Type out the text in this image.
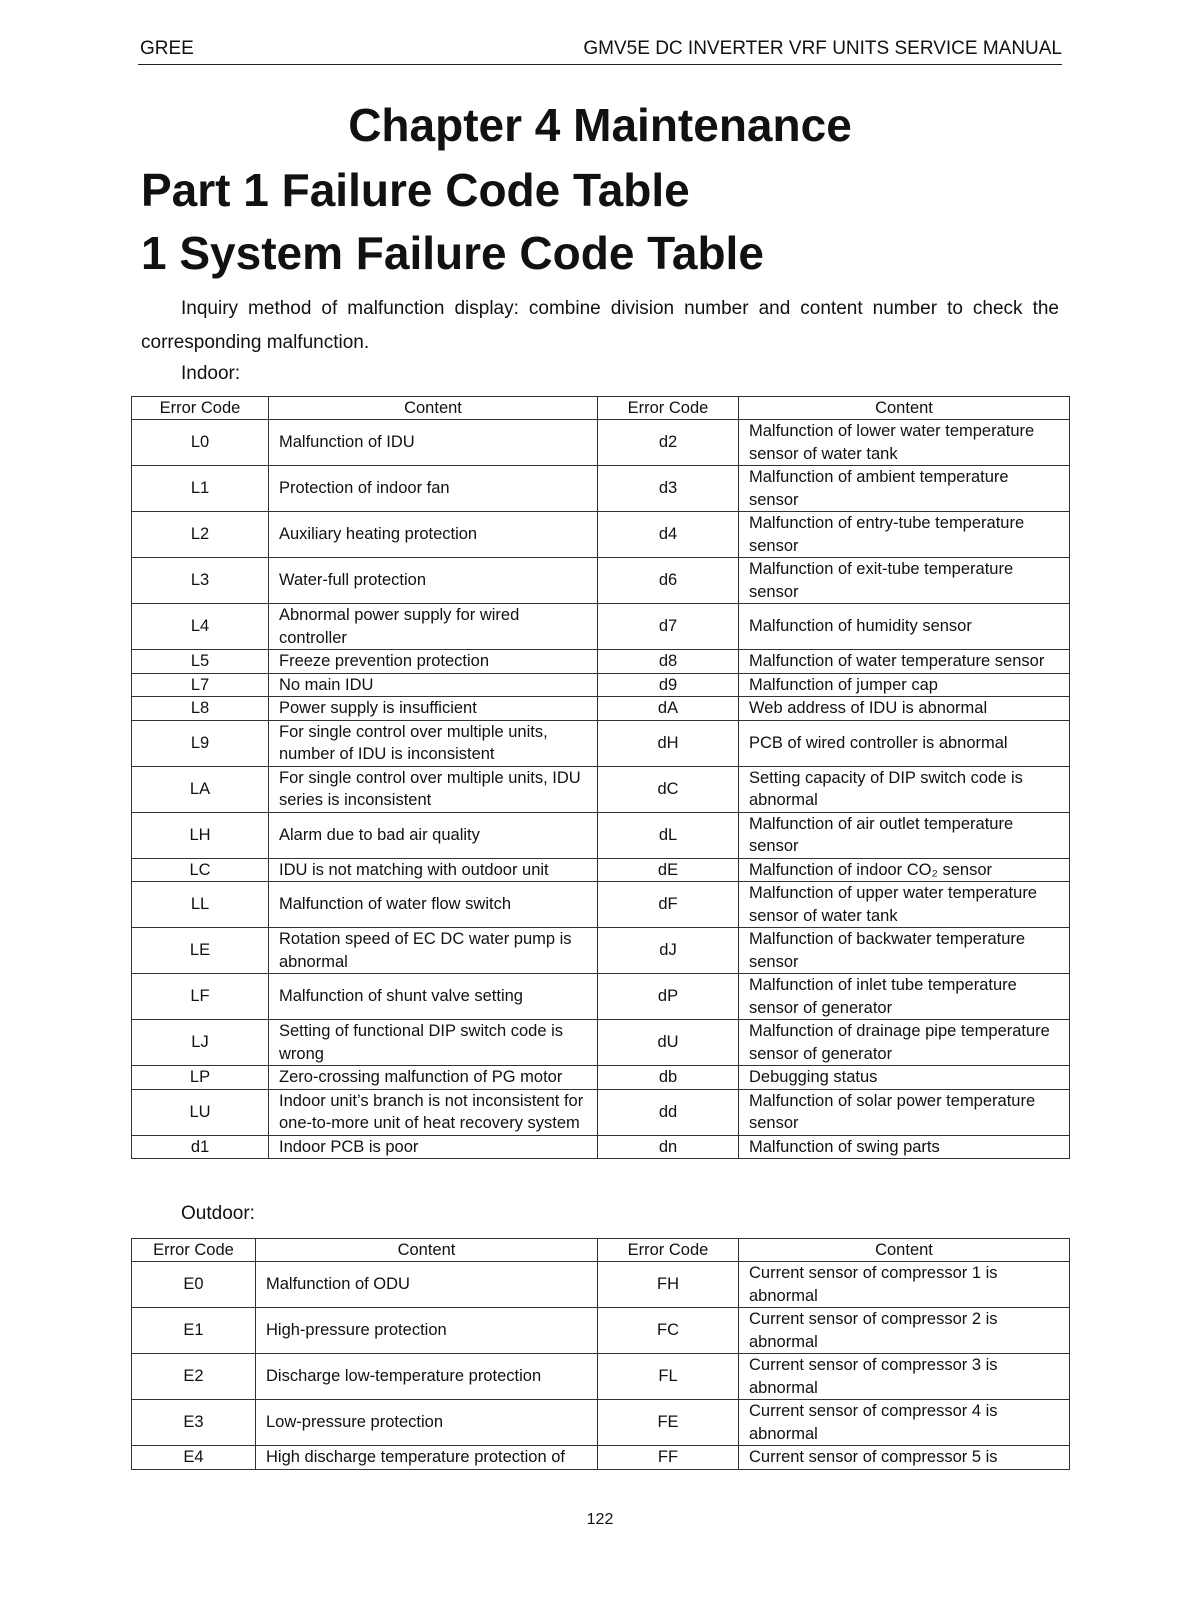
GREE	GMV5E DC INVERTER VRF UNITS SERVICE MANUAL
Chapter 4 Maintenance
Part 1 Failure Code Table
1 System Failure Code Table
Inquiry method of malfunction display: combine division number and content number to check the corresponding malfunction.
Indoor:
Error Code	Content	Error Code	Content
L0	Malfunction of IDU	d2	Malfunction of lower water temperature sensor of water tank
L1	Protection of indoor fan	d3	Malfunction of ambient temperature sensor
L2	Auxiliary heating protection	d4	Malfunction of entry-tube temperature sensor
L3	Water-full protection	d6	Malfunction of exit-tube temperature sensor
L4	Abnormal power supply for wired controller	d7	Malfunction of humidity sensor
L5	Freeze prevention protection	d8	Malfunction of water temperature sensor
L7	No main IDU	d9	Malfunction of jumper cap
L8	Power supply is insufficient	dA	Web address of IDU is abnormal
L9	For single control over multiple units, number of IDU is inconsistent	dH	PCB of wired controller is abnormal
LA	For single control over multiple units, IDU series is inconsistent	dC	Setting capacity of DIP switch code is abnormal
LH	Alarm due to bad air quality	dL	Malfunction of air outlet temperature sensor
LC	IDU is not matching with outdoor unit	dE	Malfunction of indoor CO₂ sensor
LL	Malfunction of water flow switch	dF	Malfunction of upper water temperature sensor of water tank
LE	Rotation speed of EC DC water pump is abnormal	dJ	Malfunction of backwater temperature sensor
LF	Malfunction of shunt valve setting	dP	Malfunction of inlet tube temperature sensor of generator
LJ	Setting of functional DIP switch code is wrong	dU	Malfunction of drainage pipe temperature sensor of generator
LP	Zero-crossing malfunction of PG motor	db	Debugging status
LU	Indoor unit’s branch is not inconsistent for one-to-more unit of heat recovery system	dd	Malfunction of solar power temperature sensor
d1	Indoor PCB is poor	dn	Malfunction of swing parts
Outdoor:
Error Code	Content	Error Code	Content
E0	Malfunction of ODU	FH	Current sensor of compressor 1 is abnormal
E1	High-pressure protection	FC	Current sensor of compressor 2 is abnormal
E2	Discharge low-temperature protection	FL	Current sensor of compressor 3 is abnormal
E3	Low-pressure protection	FE	Current sensor of compressor 4 is abnormal
E4	High discharge temperature protection of	FF	Current sensor of compressor 5 is
122
